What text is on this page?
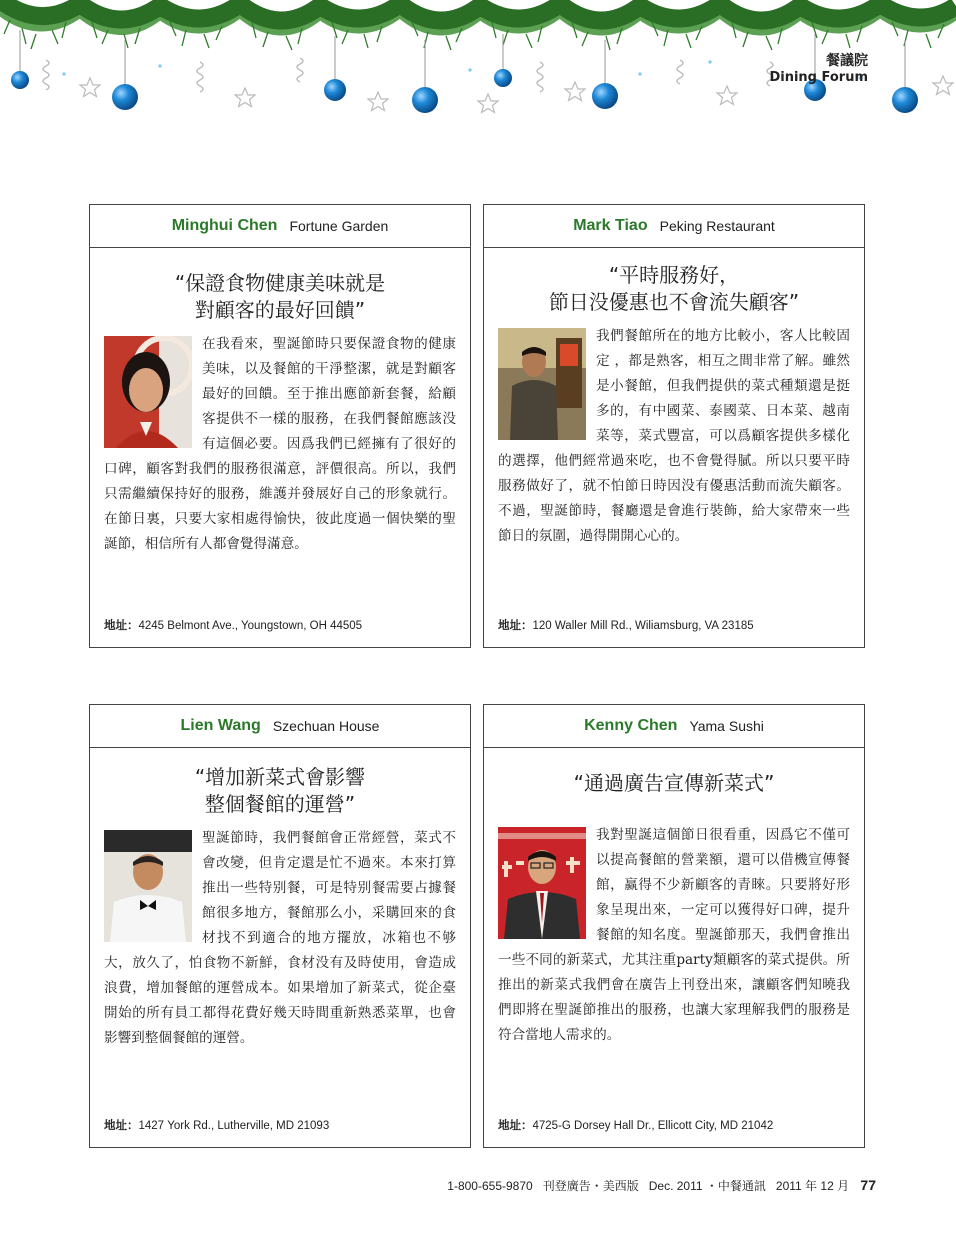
餐議院
Dining Forum
Minghui Chen Fortune Garden
“保證食物健康美味就是
對顧客的最好回饋”
在我看來，聖誕節時只要保證食物的健康美味，以及餐館的干淨整潔，就是對顧客最好的回饋。至于推出應節新套餐，給顧客提供不一樣的服務，在我們餐館應該没有這個必要。因爲我們已經擁有了很好的口碑，顧客對我們的服務很滿意，評價很高。所以，我們只需繼續保持好的服務，維護并發展好自己的形象就行。在節日裏，只要大家相處得愉快，彼此度過一個快樂的聖誕節，相信所有人都會覺得滿意。
地址：4245 Belmont Ave., Youngstown, OH 44505
Mark Tiao Peking Restaurant
“平時服務好，
節日没優惠也不會流失顧客”
我們餐館所在的地方比較小，客人比較固定 ，都是熟客，相互之間非常了解。雖然是小餐館，但我們提供的菜式種類還是挺多的，有中國菜、泰國菜、日本菜、越南菜等，菜式豐富，可以爲顧客提供多樣化的選擇，他們經常過來吃，也不會覺得膩。所以只要平時服務做好了，就不怕節日時因没有優惠活動而流失顧客。不過，聖誕節時，餐廳還是會進行裝飾，給大家帶來一些節日的氛圍，過得開開心心的。
地址：120 Waller Mill Rd., Wiliamsburg, VA 23185
Lien Wang Szechuan House
“增加新菜式會影響
整個餐館的運營”
聖誕節時，我們餐館會正常經營，菜式不會改變，但肯定還是忙不過來。本來打算推出一些特别餐，可是特别餐需要占據餐館很多地方，餐館那么小，采購回來的食材找不到適合的地方擺放，冰箱也不够大，放久了，怕食物不新鮮，食材没有及時使用，會造成浪費，增加餐館的運營成本。如果增加了新菜式，從企臺開始的所有員工都得花費好幾天時間重新熟悉菜單，也會影響到整個餐館的運營。
地址：1427 York Rd., Lutherville, MD 21093
Kenny Chen Yama Sushi
“通過廣告宣傳新菜式”
我對聖誕這個節日很看重，因爲它不僅可以提高餐館的營業額，還可以借機宣傳餐館，赢得不少新顧客的青睞。只要將好形象呈現出來，一定可以獲得好口碑，提升餐館的知名度。聖誕節那天，我們會推出一些不同的新菜式，尤其注重party類顧客的菜式提供。所推出的新菜式我們會在廣告上刊登出來，讓顧客們知曉我們即將在聖誕節推出的服務，也讓大家理解我們的服務是符合當地人需求的。
地址：4725-G Dorsey Hall Dr., Ellicott City, MD 21042
1-800-655-9870 刊登廣告・美西版 Dec. 2011 ・中餐通訊 2011 年 12 月 77
